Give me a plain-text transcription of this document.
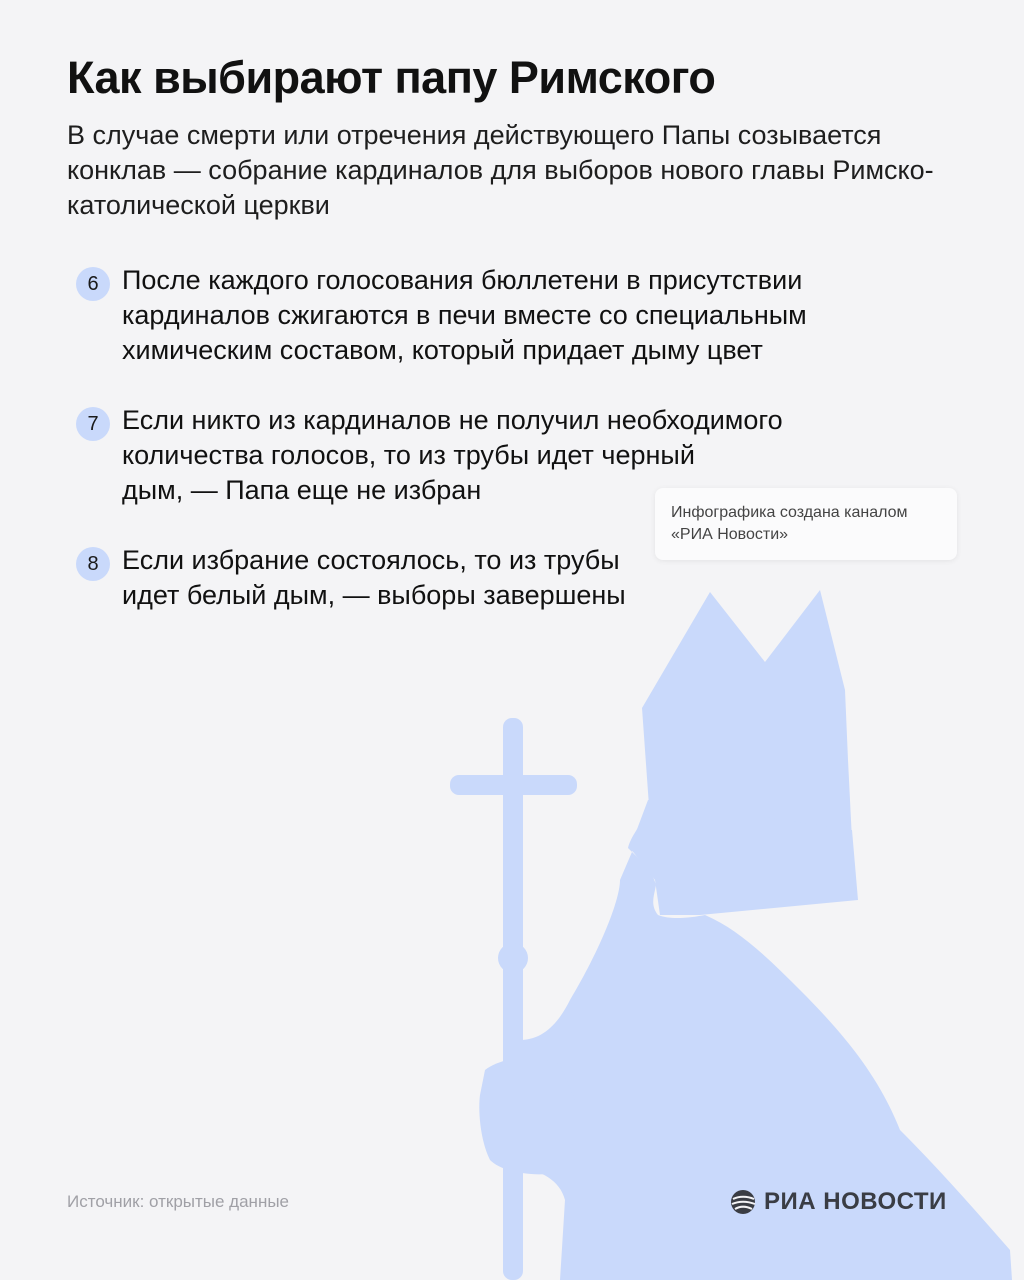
Как выбирают папу Римского

В случае смерти или отречения действующего Папы созывается конклав — собрание кардиналов для выборов нового главы Римско-католической церкви

6 После каждого голосования бюллетени в присутствии
кардиналов сжигаются в печи вместе со специальным
химическим составом, который придает дыму цвет

7 Если никто из кардиналов не получил необходимого
количества голосов, то из трубы идет черный
дым, — Папа еще не избран

8 Если избрание состоялось, то из трубы
идет белый дым, — выборы завершены

Инфографика создана каналом
«РИА Новости»
Источник: открытые данные	РИА НОВОСТИ
